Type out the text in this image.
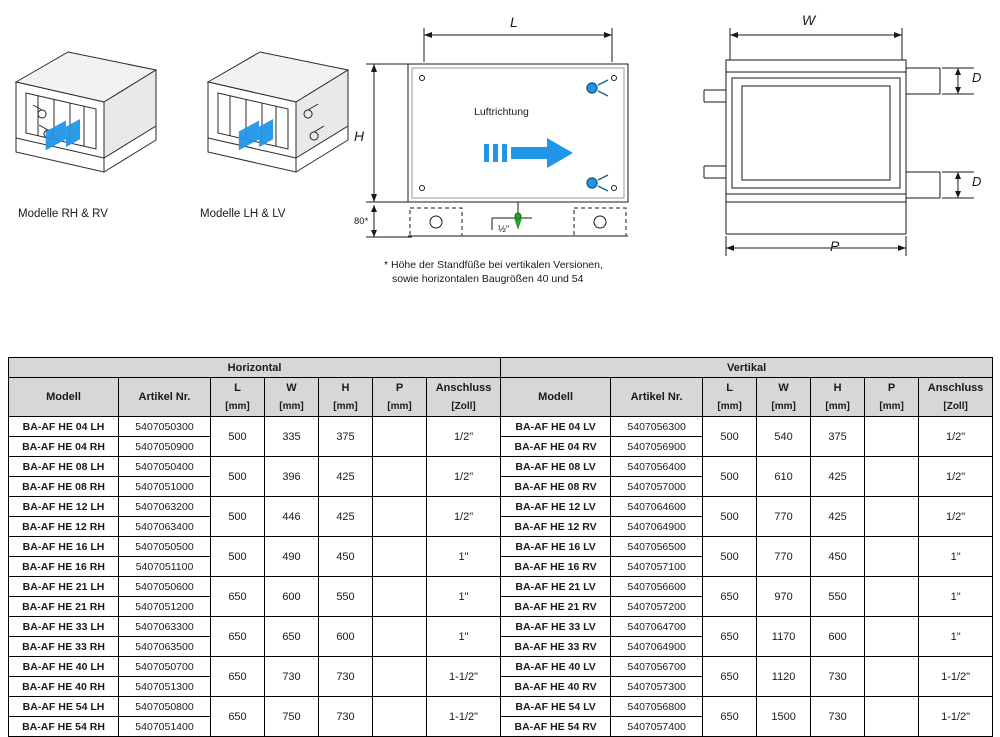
Modelle RH & RV	Modelle LH & LV
L
H
80*
Luftrichtung
½"
W
D
D
P
* Höhe der Standfüße bei vertikalen Versionen,
sowie horizontalen Baugrößen 40 und 54
Horizontal							Vertikal						
Modell	Artikel Nr.	L	W	H	P	Anschluss	Modell	Artikel Nr.	L	W	H	P	Anschluss
		[mm]	[mm]	[mm]	[mm]	[Zoll]			[mm]	[mm]	[mm]	[mm]	[Zoll]
BA-AF HE 04 LH	5407050300	500	335	375		1/2"	BA-AF HE 04 LV	5407056300	500	540	375		1/2"
BA-AF HE 04 RH	5407050900						BA-AF HE 04 RV	5407056900					
BA-AF HE 08 LH	5407050400	500	396	425		1/2"	BA-AF HE 08 LV	5407056400	500	610	425		1/2"
BA-AF HE 08 RH	5407051000						BA-AF HE 08 RV	5407057000					
BA-AF HE 12 LH	5407063200	500	446	425		1/2"	BA-AF HE 12 LV	5407064600	500	770	425		1/2"
BA-AF HE 12 RH	5407063400						BA-AF HE 12 RV	5407064900					
BA-AF HE 16 LH	5407050500	500	490	450		1"	BA-AF HE 16 LV	5407056500	500	770	450		1"
BA-AF HE 16 RH	5407051100						BA-AF HE 16 RV	5407057100					
BA-AF HE 21 LH	5407050600	650	600	550		1"	BA-AF HE 21 LV	5407056600	650	970	550		1"
BA-AF HE 21 RH	5407051200						BA-AF HE 21 RV	5407057200					
BA-AF HE 33 LH	5407063300	650	650	600		1"	BA-AF HE 33 LV	5407064700	650	1170	600		1"
BA-AF HE 33 RH	5407063500						BA-AF HE 33 RV	5407064900					
BA-AF HE 40 LH	5407050700	650	730	730		1-1/2"	BA-AF HE 40 LV	5407056700	650	1120	730		1-1/2"
BA-AF HE 40 RH	5407051300						BA-AF HE 40 RV	5407057300					
BA-AF HE 54 LH	5407050800	650	750	730		1-1/2"	BA-AF HE 54 LV	5407056800	650	1500	730		1-1/2"
BA-AF HE 54 RH	5407051400						BA-AF HE 54 RV	5407057400					
